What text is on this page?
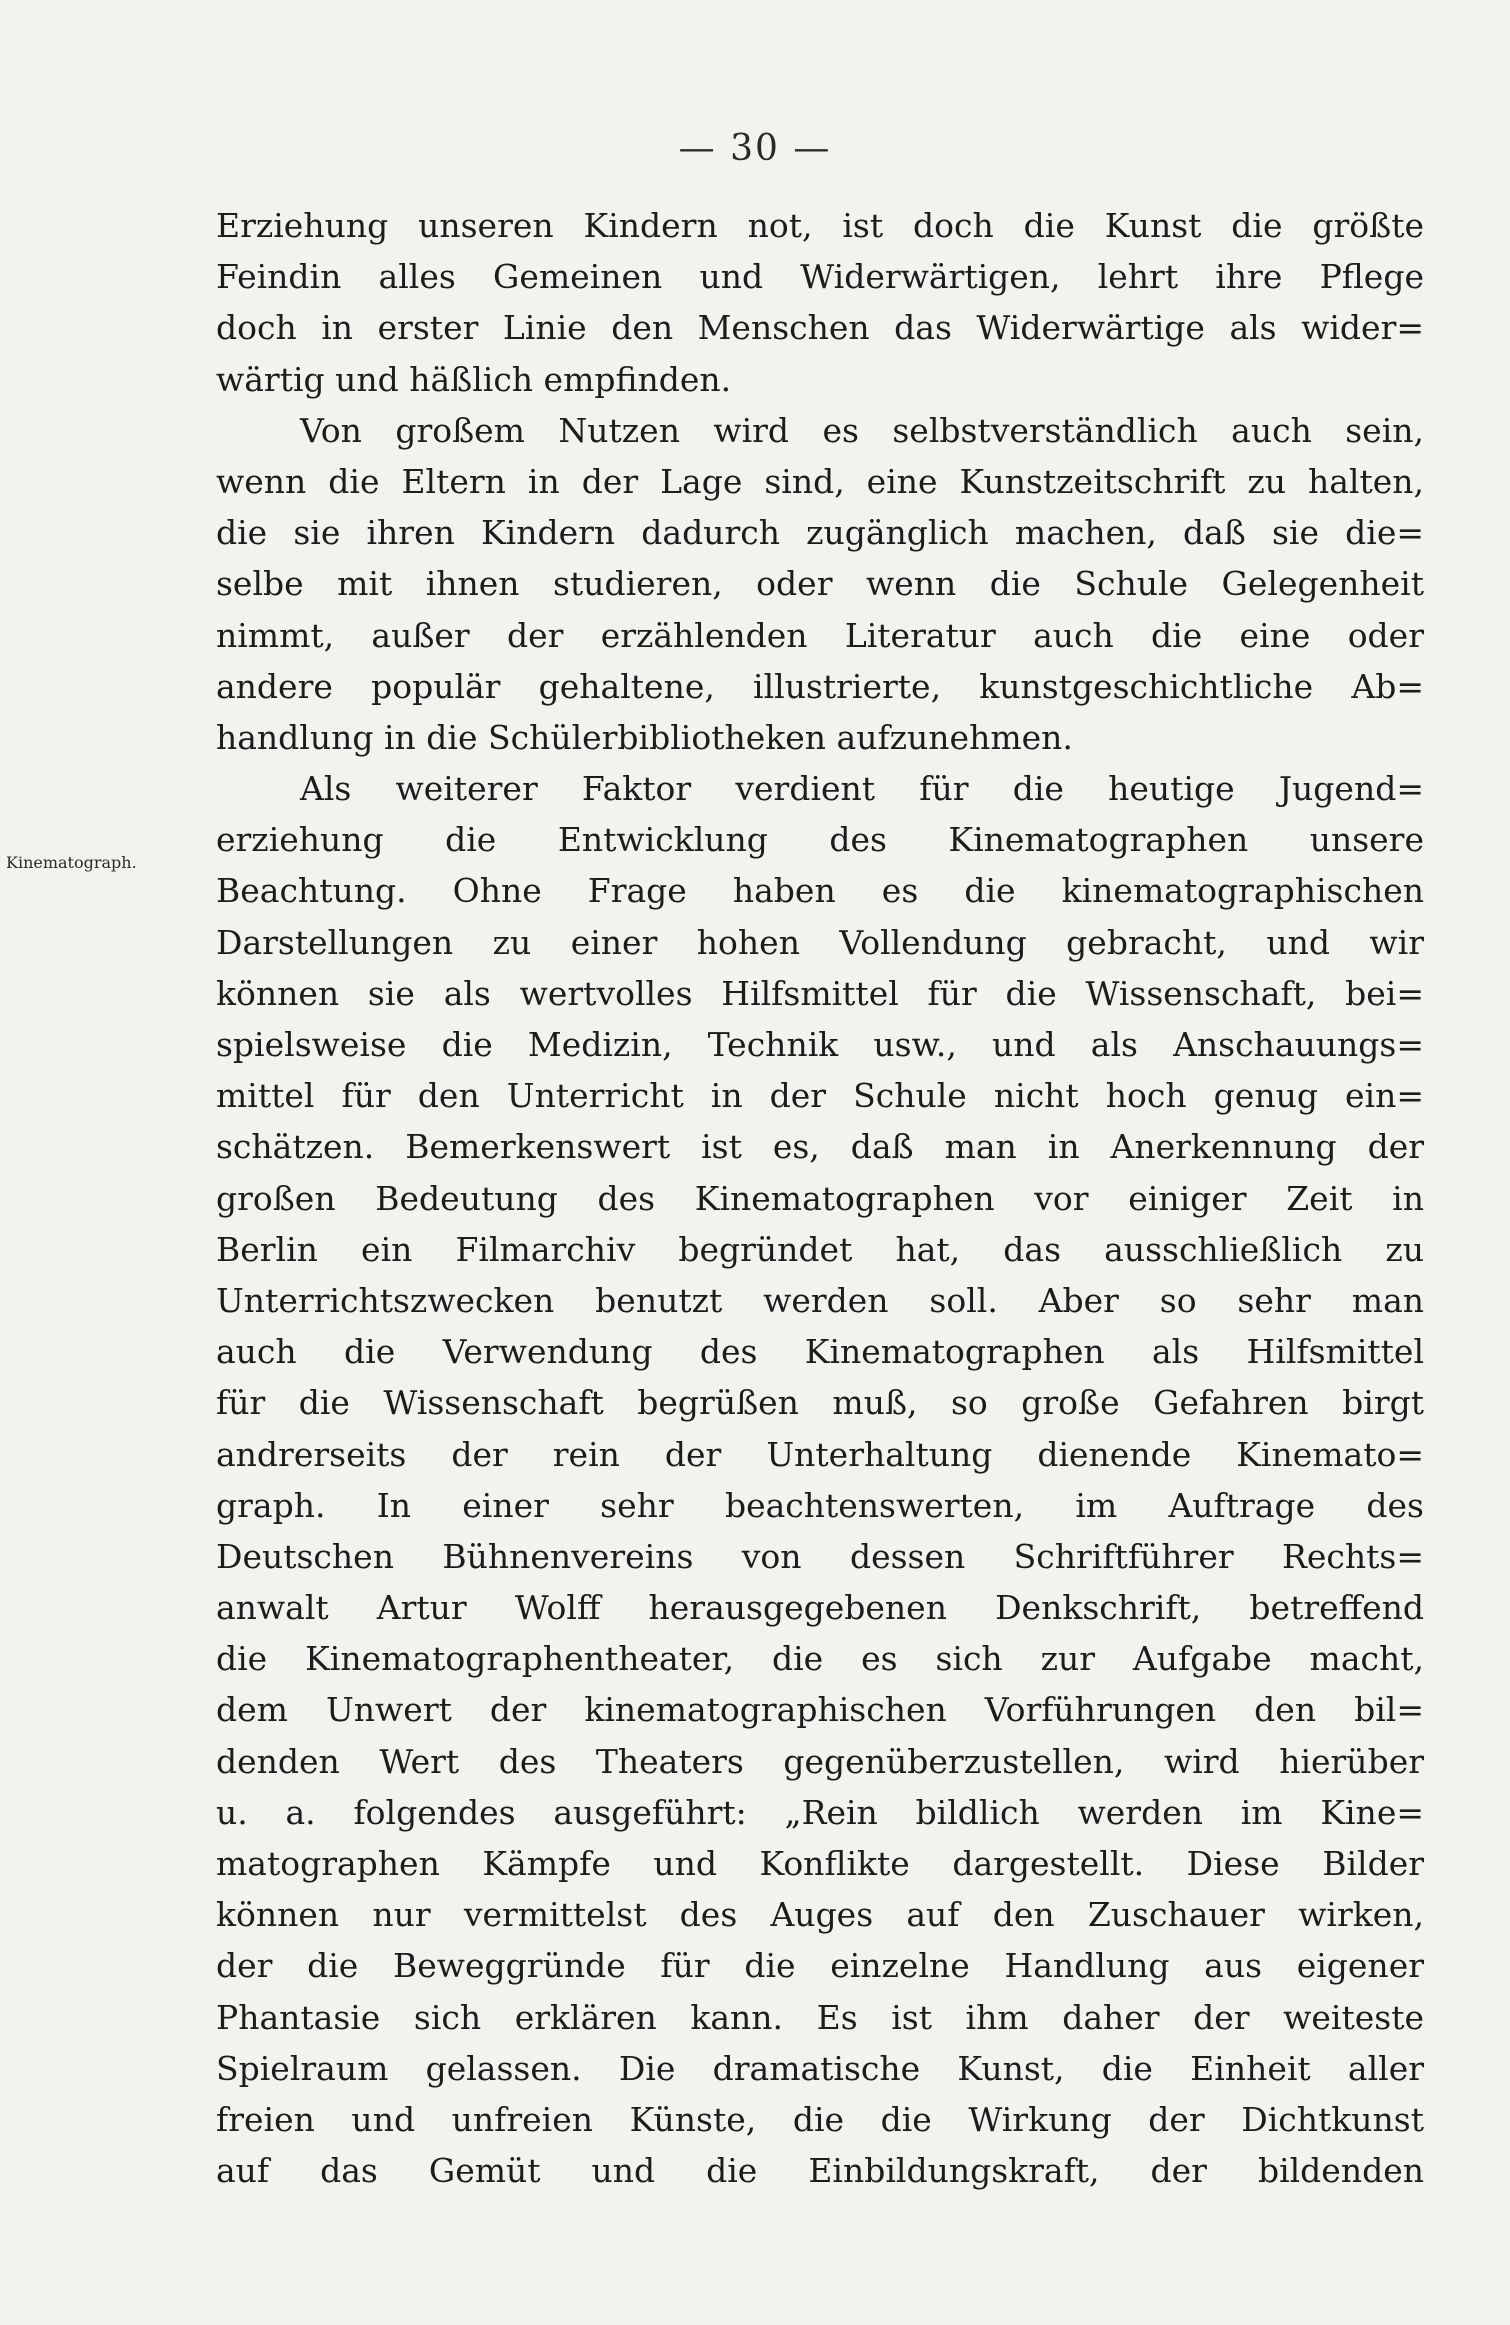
— 30 —
Kinematograph.
Erziehung unseren Kindern not, ist doch die Kunst die größte
Feindin alles Gemeinen und Widerwärtigen, lehrt ihre Pflege
doch in erster Linie den Menschen das Widerwärtige als wider=
wärtig und häßlich empfinden.
Von großem Nutzen wird es selbstverständlich auch sein,
wenn die Eltern in der Lage sind, eine Kunstzeitschrift zu halten,
die sie ihren Kindern dadurch zugänglich machen, daß sie die=
selbe mit ihnen studieren, oder wenn die Schule Gelegenheit
nimmt, außer der erzählenden Literatur auch die eine oder
andere populär gehaltene, illustrierte, kunstgeschichtliche Ab=
handlung in die Schülerbibliotheken aufzunehmen.
Als weiterer Faktor verdient für die heutige Jugend=
erziehung die Entwicklung des Kinematographen unsere
Beachtung. Ohne Frage haben es die kinematographischen
Darstellungen zu einer hohen Vollendung gebracht, und wir
können sie als wertvolles Hilfsmittel für die Wissenschaft, bei=
spielsweise die Medizin, Technik usw., und als Anschauungs=
mittel für den Unterricht in der Schule nicht hoch genug ein=
schätzen. Bemerkenswert ist es, daß man in Anerkennung der
großen Bedeutung des Kinematographen vor einiger Zeit in
Berlin ein Filmarchiv begründet hat, das ausschließlich zu
Unterrichtszwecken benutzt werden soll. Aber so sehr man
auch die Verwendung des Kinematographen als Hilfsmittel
für die Wissenschaft begrüßen muß, so große Gefahren birgt
andrerseits der rein der Unterhaltung dienende Kinemato=
graph. In einer sehr beachtenswerten, im Auftrage des
Deutschen Bühnenvereins von dessen Schriftführer Rechts=
anwalt Artur Wolff herausgegebenen Denkschrift, betreffend
die Kinematographentheater, die es sich zur Aufgabe macht,
dem Unwert der kinematographischen Vorführungen den bil=
denden Wert des Theaters gegenüberzustellen, wird hierüber
u. a. folgendes ausgeführt: „Rein bildlich werden im Kine=
matographen Kämpfe und Konflikte dargestellt. Diese Bilder
können nur vermittelst des Auges auf den Zuschauer wirken,
der die Beweggründe für die einzelne Handlung aus eigener
Phantasie sich erklären kann. Es ist ihm daher der weiteste
Spielraum gelassen. Die dramatische Kunst, die Einheit aller
freien und unfreien Künste, die die Wirkung der Dichtkunst
auf das Gemüt und die Einbildungskraft, der bildenden
